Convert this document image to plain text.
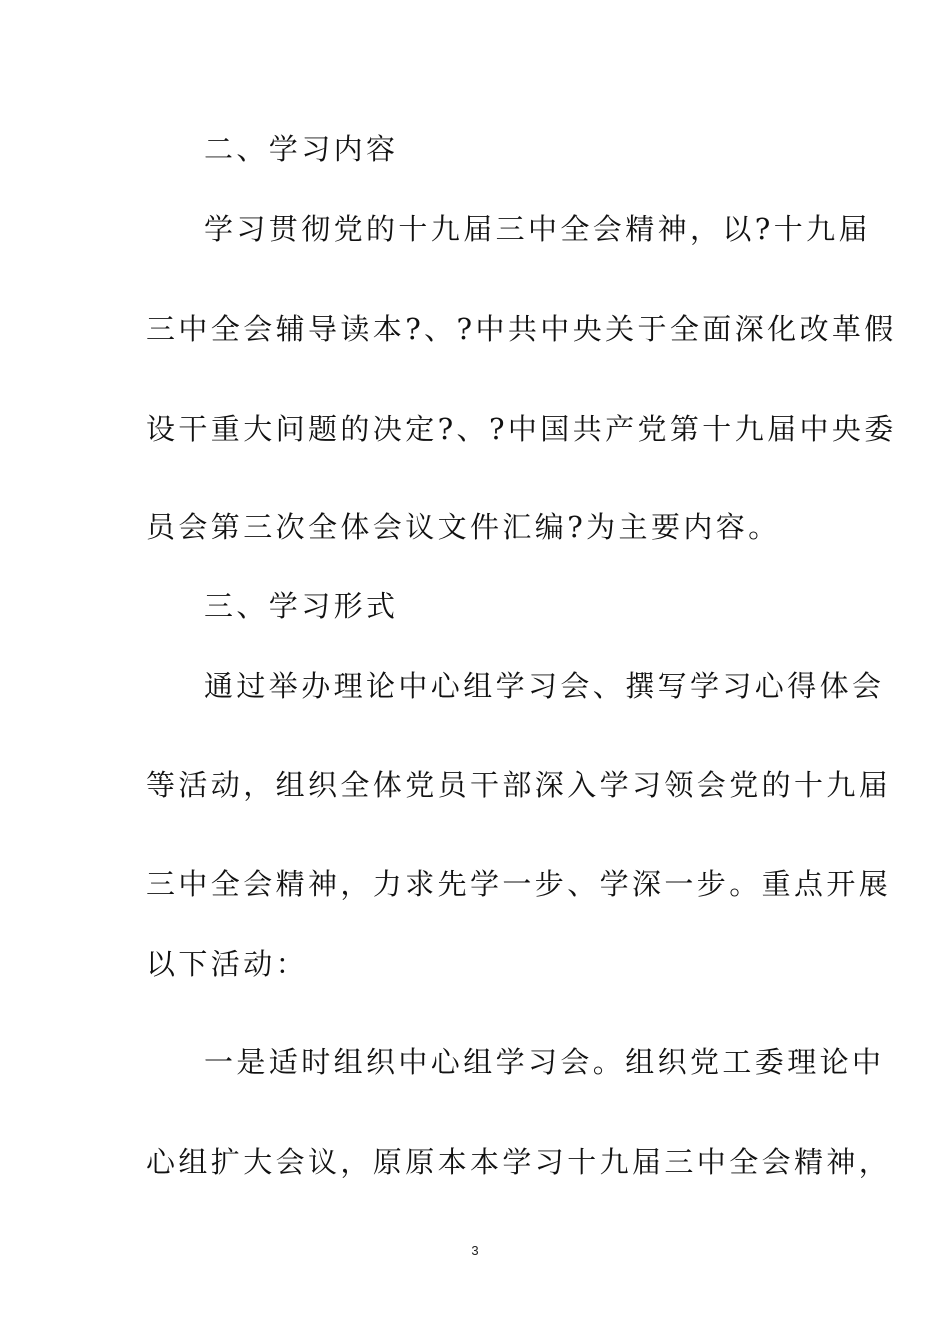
二、学习内容
学习贯彻党的十九届三中全会精神，以?十九届
三中全会辅导读本?、?中共中央关于全面深化改革假
设干重大问题的决定?、?中国共产党第十九届中央委
员会第三次全体会议文件汇编?为主要内容。
三、学习形式
通过举办理论中心组学习会、撰写学习心得体会
等活动，组织全体党员干部深入学习领会党的十九届
三中全会精神，力求先学一步、学深一步。重点开展
以下活动：
一是适时组织中心组学习会。组织党工委理论中
心组扩大会议，原原本本学习十九届三中全会精神，
3
